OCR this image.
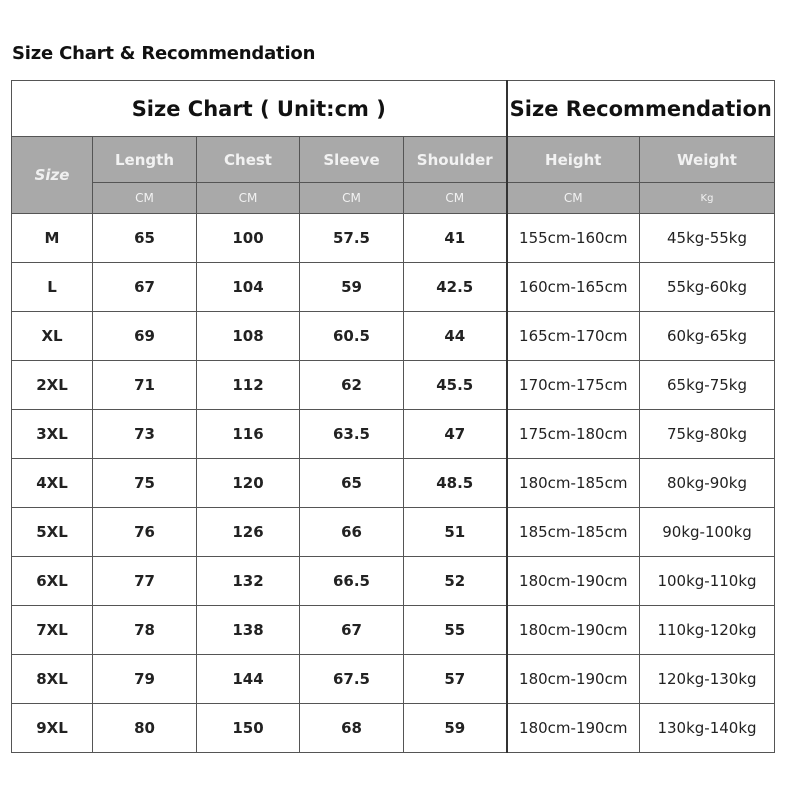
Size Chart & Recommendation
Size Chart ( Unit:cm )					Size Recommendation	
Size	Length	Chest	Sleeve	Shoulder	Height	Weight
	CM	CM	CM	CM	CM	Kg
M	65	100	57.5	41	155cm-160cm	45kg-55kg
L	67	104	59	42.5	160cm-165cm	55kg-60kg
XL	69	108	60.5	44	165cm-170cm	60kg-65kg
2XL	71	112	62	45.5	170cm-175cm	65kg-75kg
3XL	73	116	63.5	47	175cm-180cm	75kg-80kg
4XL	75	120	65	48.5	180cm-185cm	80kg-90kg
5XL	76	126	66	51	185cm-185cm	90kg-100kg
6XL	77	132	66.5	52	180cm-190cm	100kg-110kg
7XL	78	138	67	55	180cm-190cm	110kg-120kg
8XL	79	144	67.5	57	180cm-190cm	120kg-130kg
9XL	80	150	68	59	180cm-190cm	130kg-140kg
